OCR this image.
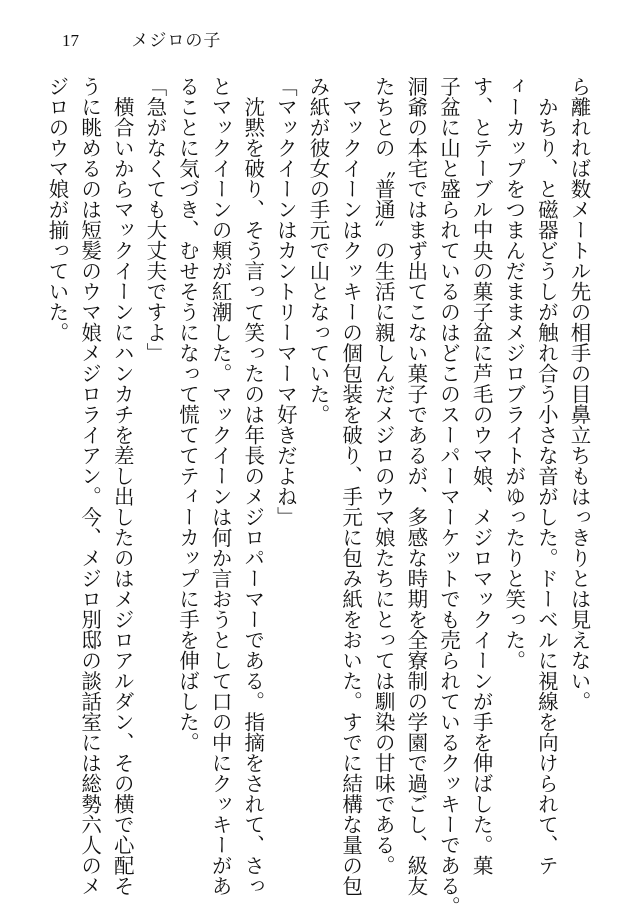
17	メジロの子
ら離れれば数メートル先の相手の目鼻立ちもはっきりとは見えない。
　かちり、と磁器どうしが触れ合う小さな音がした。ドーベルに視線を向けられて、テ
ィーカップをつまんだままメジロブライトがゆったりと笑った。
す、とテーブル中央の菓子盆に芦毛のウマ娘、メジロマックイーンが手を伸ばした。菓
子盆に山と盛られているのはどこのスーパーマーケットでも売られているクッキーである。
洞爺の本宅ではまず出てこない菓子であるが、多感な時期を全寮制の学園で過ごし、級友
たちとの〝普通〟の生活に親しんだメジロのウマ娘たちにとっては馴染の甘味である。
　マックイーンはクッキーの個包装を破り、手元に包み紙をおいた。すでに結構な量の包
み紙が彼女の手元で山となっていた。
「マックイーンはカントリーマーマ好きだよね」
　沈黙を破り、そう言って笑ったのは年長のメジロパーマーである。指摘をされて、さっ
とマックイーンの頬が紅潮した。マックイーンは何か言おうとして口の中にクッキーがあ
ることに気づき、むせそうになって慌ててティーカップに手を伸ばした。
「急がなくても大丈夫ですよ」
　横合いからマックイーンにハンカチを差し出したのはメジロアルダン、その横で心配そ
うに眺めるのは短髪のウマ娘メジロライアン。今、メジロ別邸の談話室には総勢六人のメ
ジロのウマ娘が揃っていた。
